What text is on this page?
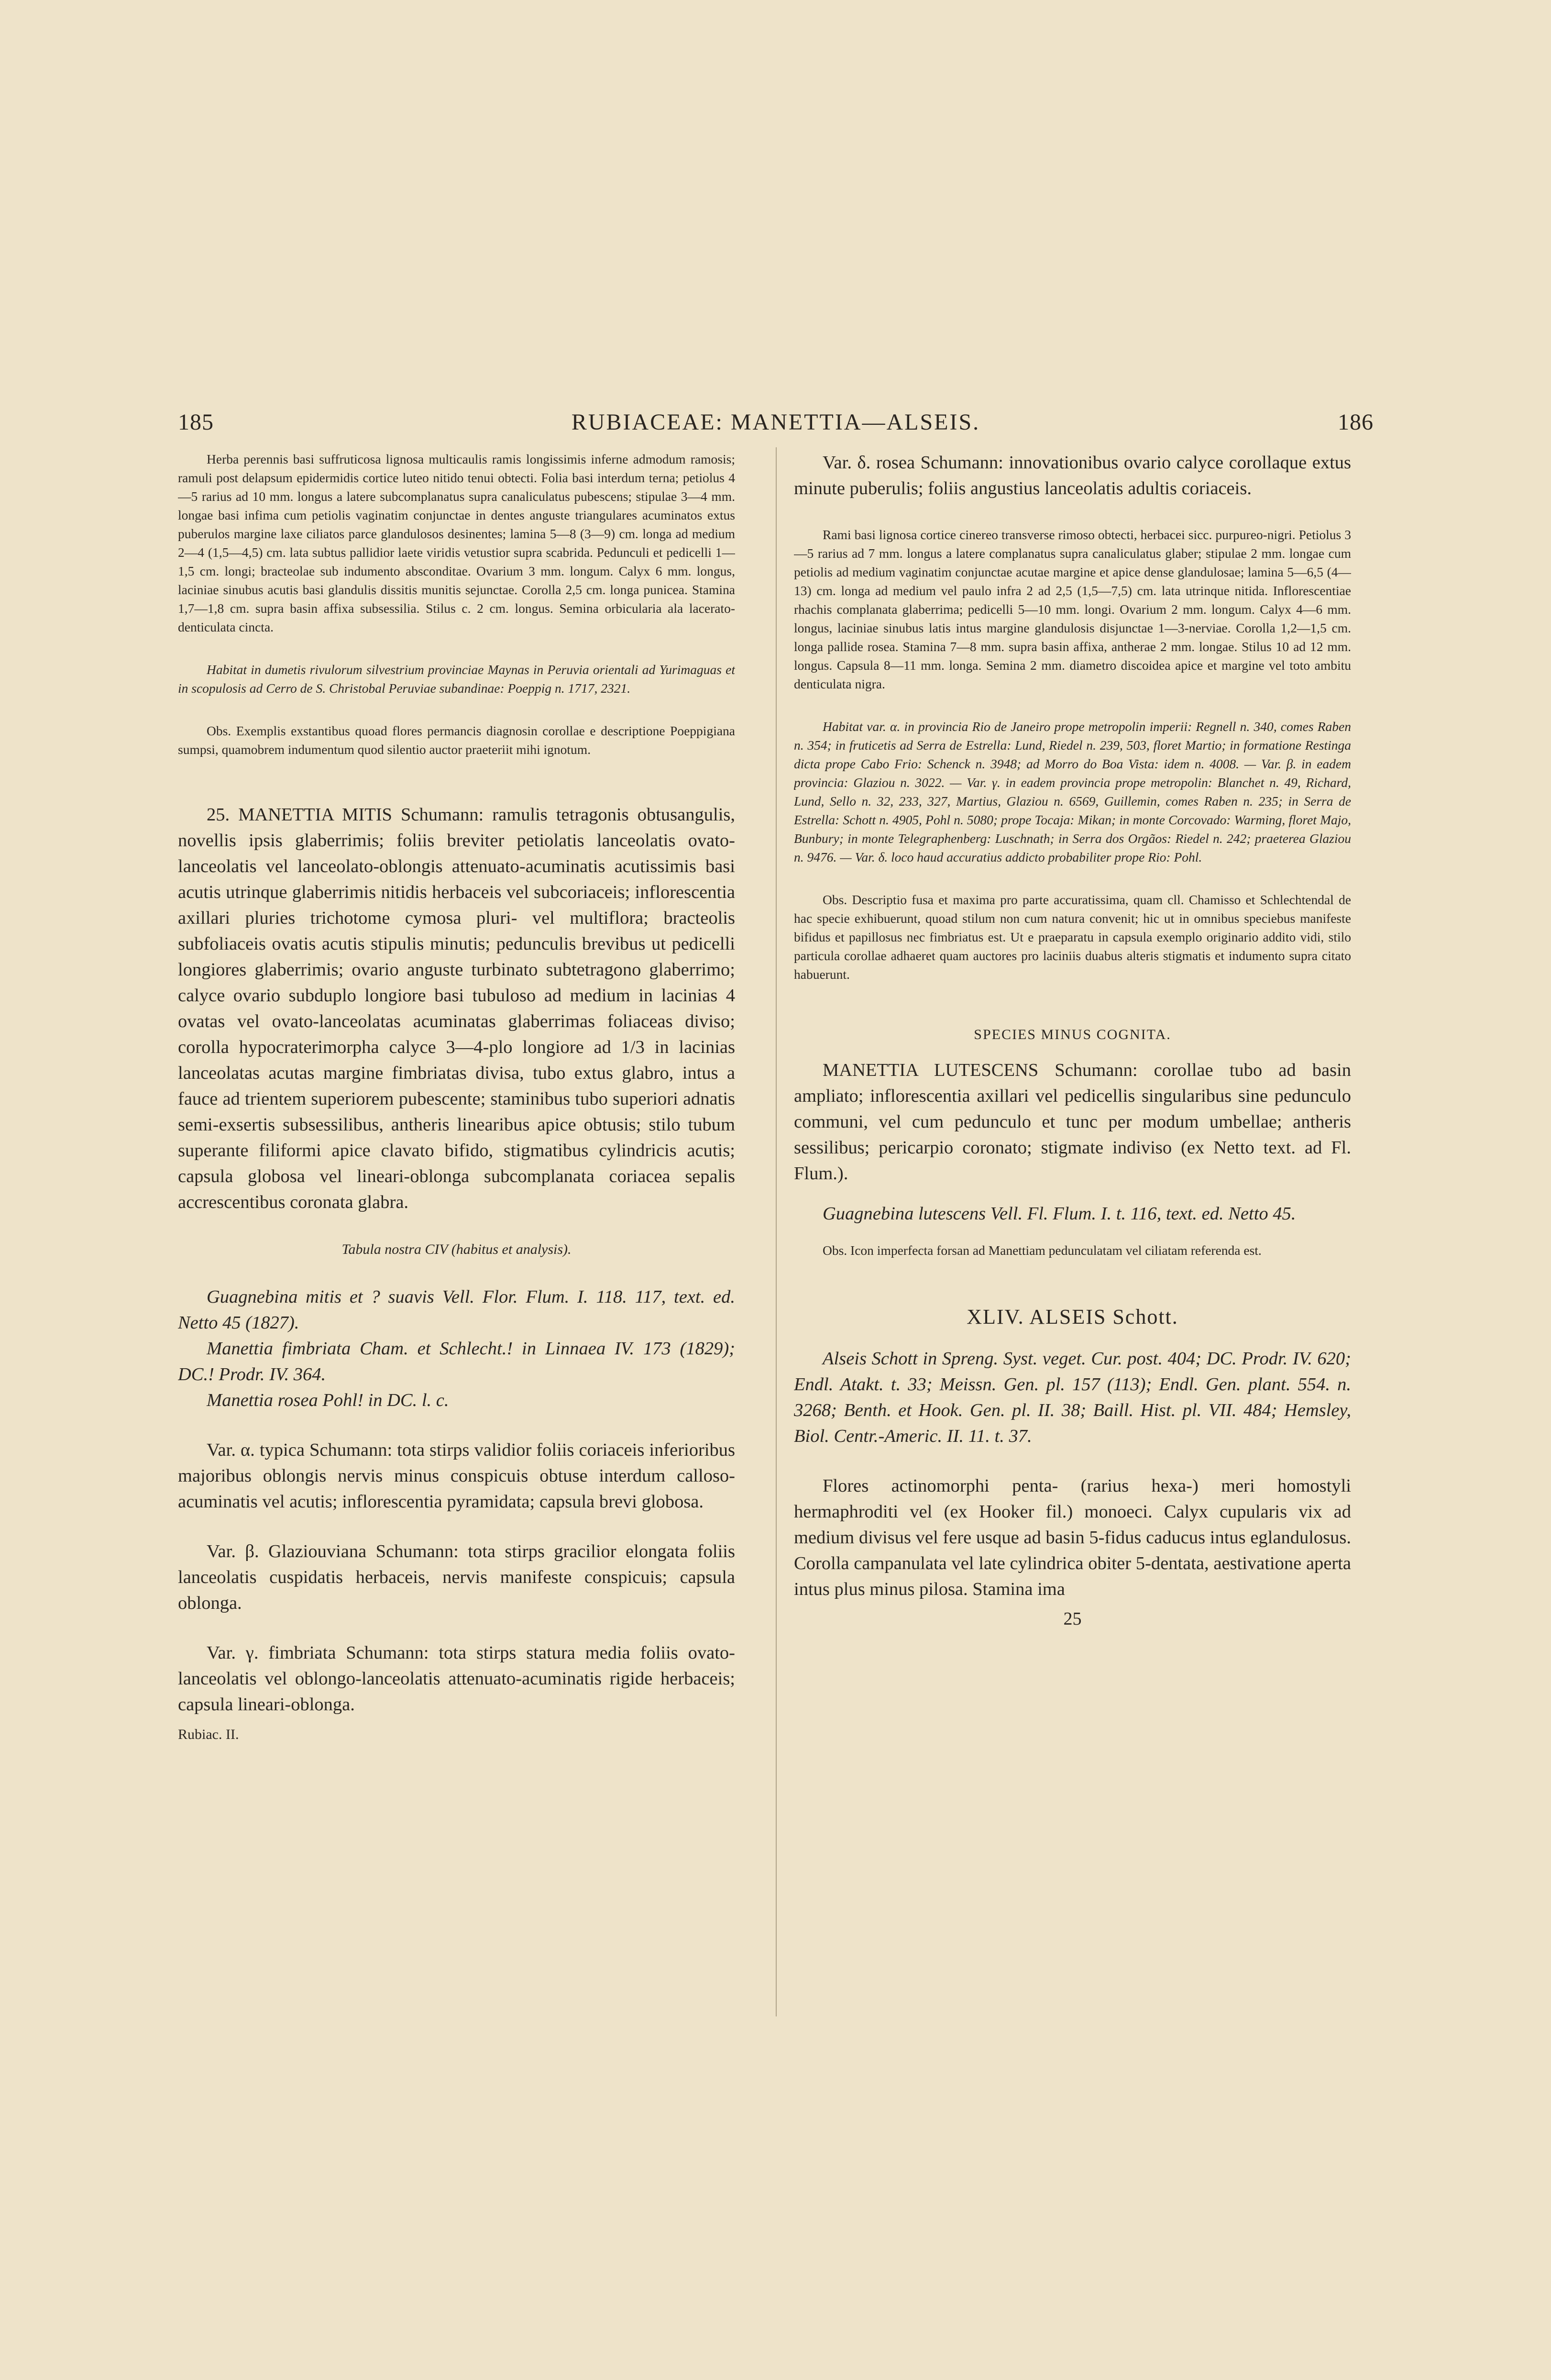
185	RUBIACEAE: MANETTIA—ALSEIS.	186

Herba perennis basi suffruticosa lignosa multicaulis ramis longissimis inferne admodum ramosis; ramuli post delapsum epidermidis cortice luteo nitido tenui obtecti. Folia basi interdum terna; petiolus 4—5 rarius ad 10 mm. longus a latere subcomplanatus supra canaliculatus pubescens; stipulae 3—4 mm. longae basi infima cum petiolis vaginatim conjunctae in dentes anguste triangulares acuminatos extus puberulos margine laxe ciliatos parce glandulosos desinentes; lamina 5—8 (3—9) cm. longa ad medium 2—4 (1,5—4,5) cm. lata subtus pallidior laete viridis vetustior supra scabrida. Pedunculi et pedicelli 1—1,5 cm. longi; bracteolae sub indumento absconditae. Ovarium 3 mm. longum. Calyx 6 mm. longus, laciniae sinubus acutis basi glandulis dissitis munitis sejunctae. Corolla 2,5 cm. longa punicea. Stamina 1,7—1,8 cm. supra basin affixa subsessilia. Stilus c. 2 cm. longus. Semina orbicularia ala lacerato-denticulata cincta.

Habitat in dumetis rivulorum silvestrium provinciae Maynas in Peruvia orientali ad Yurimaguas et in scopulosis ad Cerro de S. Christobal Peruviae subandinae: Poeppig n. 1717, 2321.

Obs. Exemplis exstantibus quoad flores permancis diagnosin corollae e descriptione Poeppigiana sumpsi, quamobrem indumentum quod silentio auctor praeteriit mihi ignotum.

25. MANETTIA MITIS Schumann: ramulis tetragonis obtusangulis, novellis ipsis glaberrimis; foliis breviter petiolatis lanceolatis ovato-lanceolatis vel lanceolato-oblongis attenuato-acuminatis acutissimis basi acutis utrinque glaberrimis nitidis herbaceis vel subcoriaceis; inflorescentia axillari pluries trichotome cymosa pluri- vel multiflora; bracteolis subfoliaceis ovatis acutis stipulis minutis; pedunculis brevibus ut pedicelli longiores glaberrimis; ovario anguste turbinato subtetragono glaberrimo; calyce ovario subduplo longiore basi tubuloso ad medium in lacinias 4 ovatas vel ovato-lanceolatas acuminatas glaberrimas foliaceas diviso; corolla hypocraterimorpha calyce 3—4-plo longiore ad 1/3 in lacinias lanceolatas acutas margine fimbriatas divisa, tubo extus glabro, intus a fauce ad trientem superiorem pubescente; staminibus tubo superiori adnatis semi-exsertis subsessilibus, antheris linearibus apice obtusis; stilo tubum superante filiformi apice clavato bifido, stigmatibus cylindricis acutis; capsula globosa vel lineari-oblonga subcomplanata coriacea sepalis accrescentibus coronata glabra.

Tabula nostra CIV (habitus et analysis).

Guagnebina mitis et ? suavis Vell. Flor. Flum. I. 118. 117, text. ed. Netto 45 (1827).

Manettia fimbriata Cham. et Schlecht.! in Linnaea IV. 173 (1829); DC.! Prodr. IV. 364.

Manettia rosea Pohl! in DC. l. c.

Var. α. typica Schumann: tota stirps validior foliis coriaceis inferioribus majoribus oblongis nervis minus conspicuis obtuse interdum calloso-acuminatis vel acutis; inflorescentia pyramidata; capsula brevi globosa.

Var. β. Glaziouviana Schumann: tota stirps gracilior elongata foliis lanceolatis cuspidatis herbaceis, nervis manifeste conspicuis; capsula oblonga.

Var. γ. fimbriata Schumann: tota stirps statura media foliis ovato-lanceolatis vel oblongo-lanceolatis attenuato-acuminatis rigide herbaceis; capsula lineari-oblonga.

Rubiac. II.

Var. δ. rosea Schumann: innovationibus ovario calyce corollaque extus minute puberulis; foliis angustius lanceolatis adultis coriaceis.

Rami basi lignosa cortice cinereo transverse rimoso obtecti, herbacei sicc. purpureo-nigri. Petiolus 3—5 rarius ad 7 mm. longus a latere complanatus supra canaliculatus glaber; stipulae 2 mm. longae cum petiolis ad medium vaginatim conjunctae acutae margine et apice dense glandulosae; lamina 5—6,5 (4—13) cm. longa ad medium vel paulo infra 2 ad 2,5 (1,5—7,5) cm. lata utrinque nitida. Inflorescentiae rhachis complanata glaberrima; pedicelli 5—10 mm. longi. Ovarium 2 mm. longum. Calyx 4—6 mm. longus, laciniae sinubus latis intus margine glandulosis disjunctae 1—3-nerviae. Corolla 1,2—1,5 cm. longa pallide rosea. Stamina 7—8 mm. supra basin affixa, antherae 2 mm. longae. Stilus 10 ad 12 mm. longus. Capsula 8—11 mm. longa. Semina 2 mm. diametro discoidea apice et margine vel toto ambitu denticulata nigra.

Habitat var. α. in provincia Rio de Janeiro prope metropolin imperii: Regnell n. 340, comes Raben n. 354; in fruticetis ad Serra de Estrella: Lund, Riedel n. 239, 503, floret Martio; in formatione Restinga dicta prope Cabo Frio: Schenck n. 3948; ad Morro do Boa Vista: idem n. 4008. — Var. β. in eadem provincia: Glaziou n. 3022. — Var. γ. in eadem provincia prope metropolin: Blanchet n. 49, Richard, Lund, Sello n. 32, 233, 327, Martius, Glaziou n. 6569, Guillemin, comes Raben n. 235; in Serra de Estrella: Schott n. 4905, Pohl n. 5080; prope Tocaja: Mikan; in monte Corcovado: Warming, floret Majo, Bunbury; in monte Telegraphenberg: Luschnath; in Serra dos Orgãos: Riedel n. 242; praeterea Glaziou n. 9476. — Var. δ. loco haud accuratius addicto probabiliter prope Rio: Pohl.

Obs. Descriptio fusa et maxima pro parte accuratissima, quam cll. Chamisso et Schlechtendal de hac specie exhibuerunt, quoad stilum non cum natura convenit; hic ut in omnibus speciebus manifeste bifidus et papillosus nec fimbriatus est. Ut e praeparatu in capsula exemplo originario addito vidi, stilo particula corollae adhaeret quam auctores pro laciniis duabus alteris stigmatis et indumento supra citato habuerunt.

SPECIES MINUS COGNITA.

MANETTIA LUTESCENS Schumann: corollae tubo ad basin ampliato; inflorescentia axillari vel pedicellis singularibus sine pedunculo communi, vel cum pedunculo et tunc per modum umbellae; antheris sessilibus; pericarpio coronato; stigmate indiviso (ex Netto text. ad Fl. Flum.).

Guagnebina lutescens Vell. Fl. Flum. I. t. 116, text. ed. Netto 45.

Obs. Icon imperfecta forsan ad Manettiam pedunculatam vel ciliatam referenda est.

XLIV. ALSEIS Schott.

Alseis Schott in Spreng. Syst. veget. Cur. post. 404; DC. Prodr. IV. 620; Endl. Atakt. t. 33; Meissn. Gen. pl. 157 (113); Endl. Gen. plant. 554. n. 3268; Benth. et Hook. Gen. pl. II. 38; Baill. Hist. pl. VII. 484; Hemsley, Biol. Centr.-Americ. II. 11. t. 37.

Flores actinomorphi penta- (rarius hexa-) meri homostyli hermaphroditi vel (ex Hooker fil.) monoeci. Calyx cupularis vix ad medium divisus vel fere usque ad basin 5-fidus caducus intus eglandulosus. Corolla campanulata vel late cylindrica obiter 5-dentata, aestivatione aperta intus plus minus pilosa. Stamina ima

25
